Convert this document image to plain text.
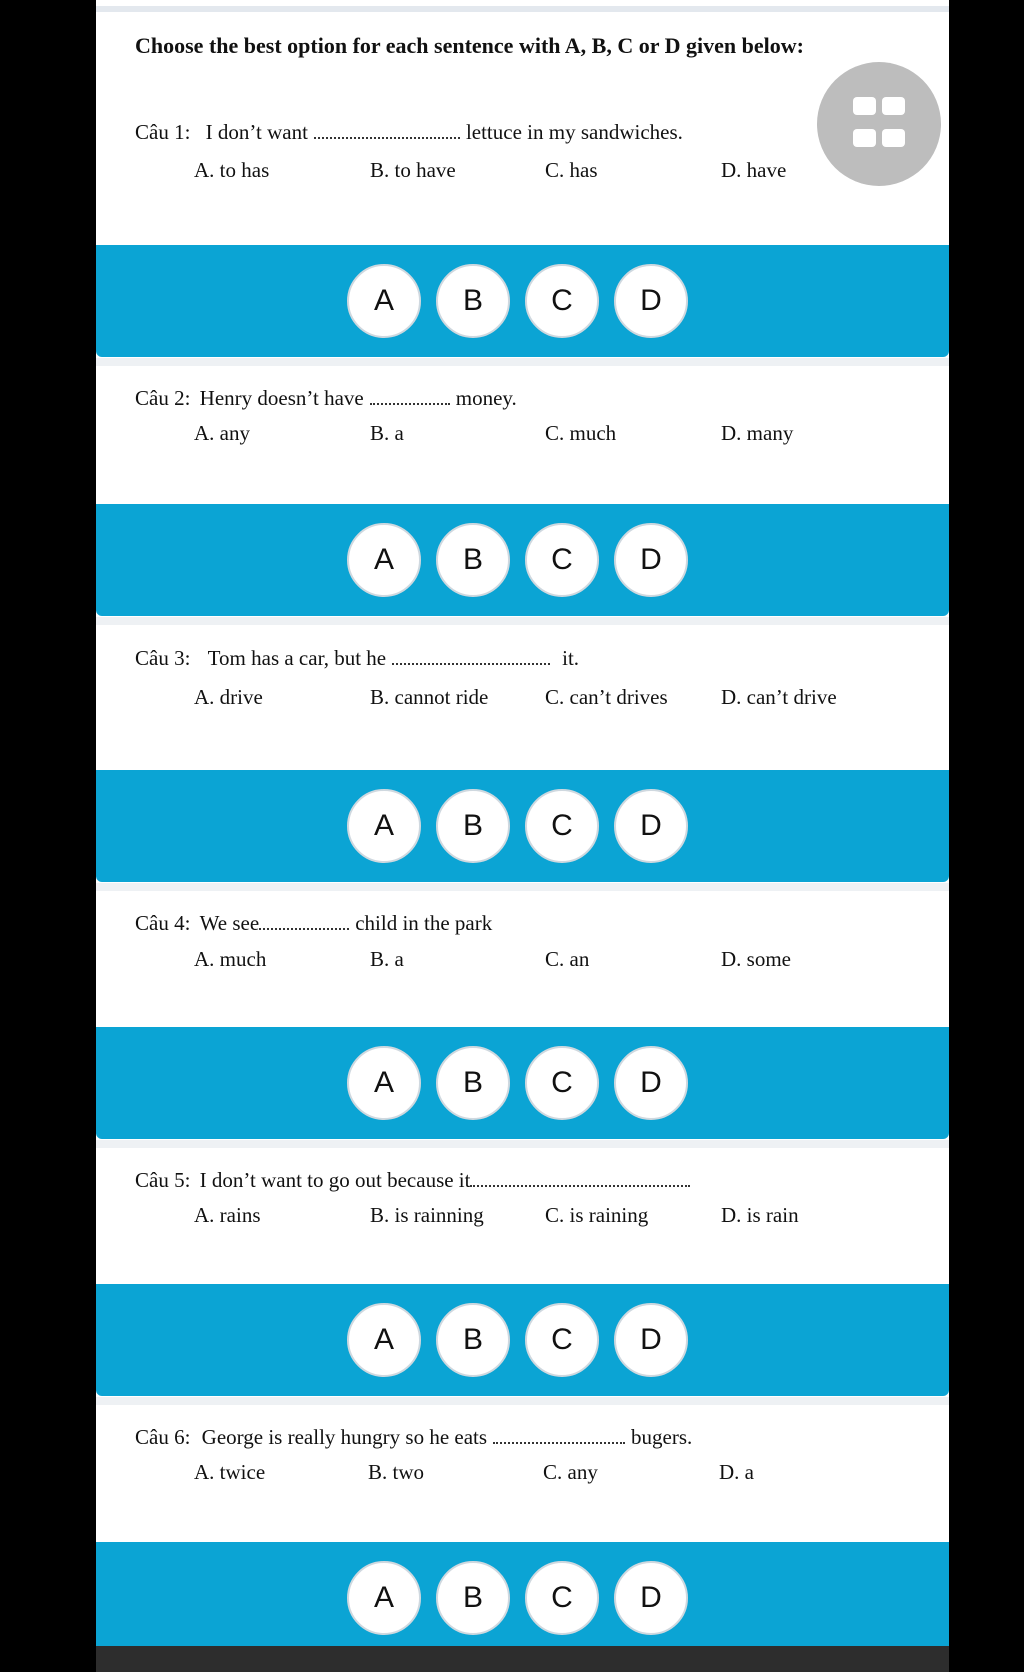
Choose the best option for each sentence with A, B, C or D given below:
Câu 1: I don’t want	lettuce in my sandwiches.
A. to has	B. to have	C. has	D. have
A	B	C	D
Câu 2: Henry doesn’t have	money.
A. any	B. a	C. much	D. many
A	B	C	D
Câu 3: Tom has a car, but he	it.
A. drive	B. cannot ride	C. can’t drives	D. can’t drive
A	B	C	D
Câu 4: We see	child in the park
A. much	B. a	C. an	D. some
A	B	C	D
Câu 5: I don’t want to go out because it
A. rains	B. is rainning	C. is raining	D. is rain
A	B	C	D
Câu 6: George is really hungry so he eats	bugers.
A. twice	B. two	C. any	D. a
A	B	C	D
